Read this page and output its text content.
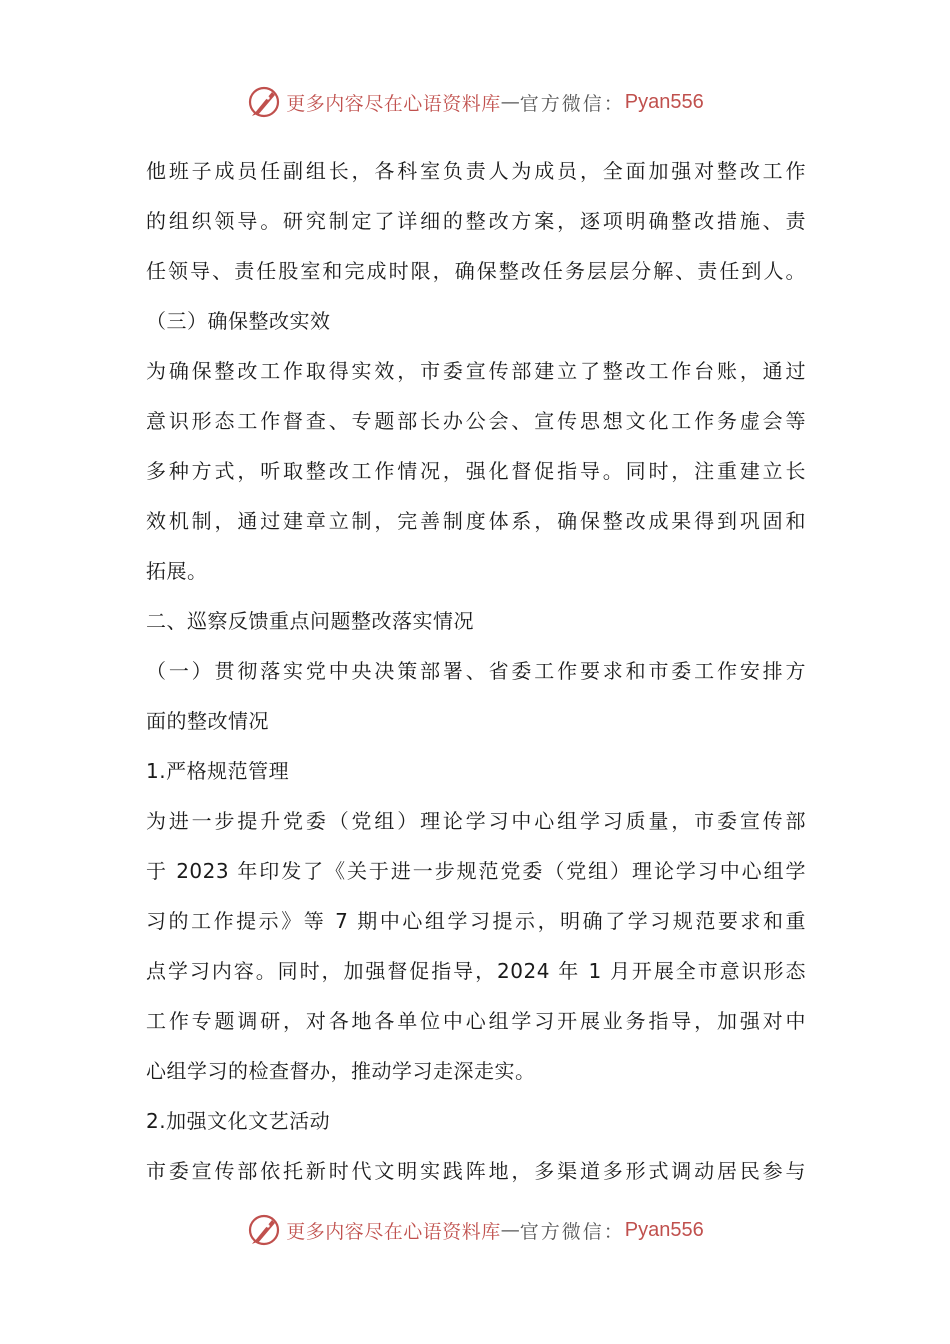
更多内容尽在心语资料库 — 官方微信： Pyan556
他班子成员任副组长，各科室负责人为成员，全面加强对整改工作
的组织领导。研究制定了详细的整改方案，逐项明确整改措施、责
任领导、责任股室和完成时限，确保整改任务层层分解、责任到人。
（三）确保整改实效
为确保整改工作取得实效，市委宣传部建立了整改工作台账，通过
意识形态工作督查、专题部长办公会、宣传思想文化工作务虚会等
多种方式，听取整改工作情况，强化督促指导。同时，注重建立长
效机制，通过建章立制，完善制度体系，确保整改成果得到巩固和
拓展。
二、巡察反馈重点问题整改落实情况
（一）贯彻落实党中央决策部署、省委工作要求和市委工作安排方
面的整改情况
1.严格规范管理
为进一步提升党委（党组）理论学习中心组学习质量，市委宣传部
于 2023 年印发了《关于进一步规范党委（党组）理论学习中心组学
习的工作提示》等 7 期中心组学习提示，明确了学习规范要求和重
点学习内容。同时，加强督促指导，2024 年 1 月开展全市意识形态
工作专题调研，对各地各单位中心组学习开展业务指导，加强对中
心组学习的检查督办，推动学习走深走实。
2.加强文化文艺活动
市委宣传部依托新时代文明实践阵地，多渠道多形式调动居民参与
更多内容尽在心语资料库 — 官方微信： Pyan556
